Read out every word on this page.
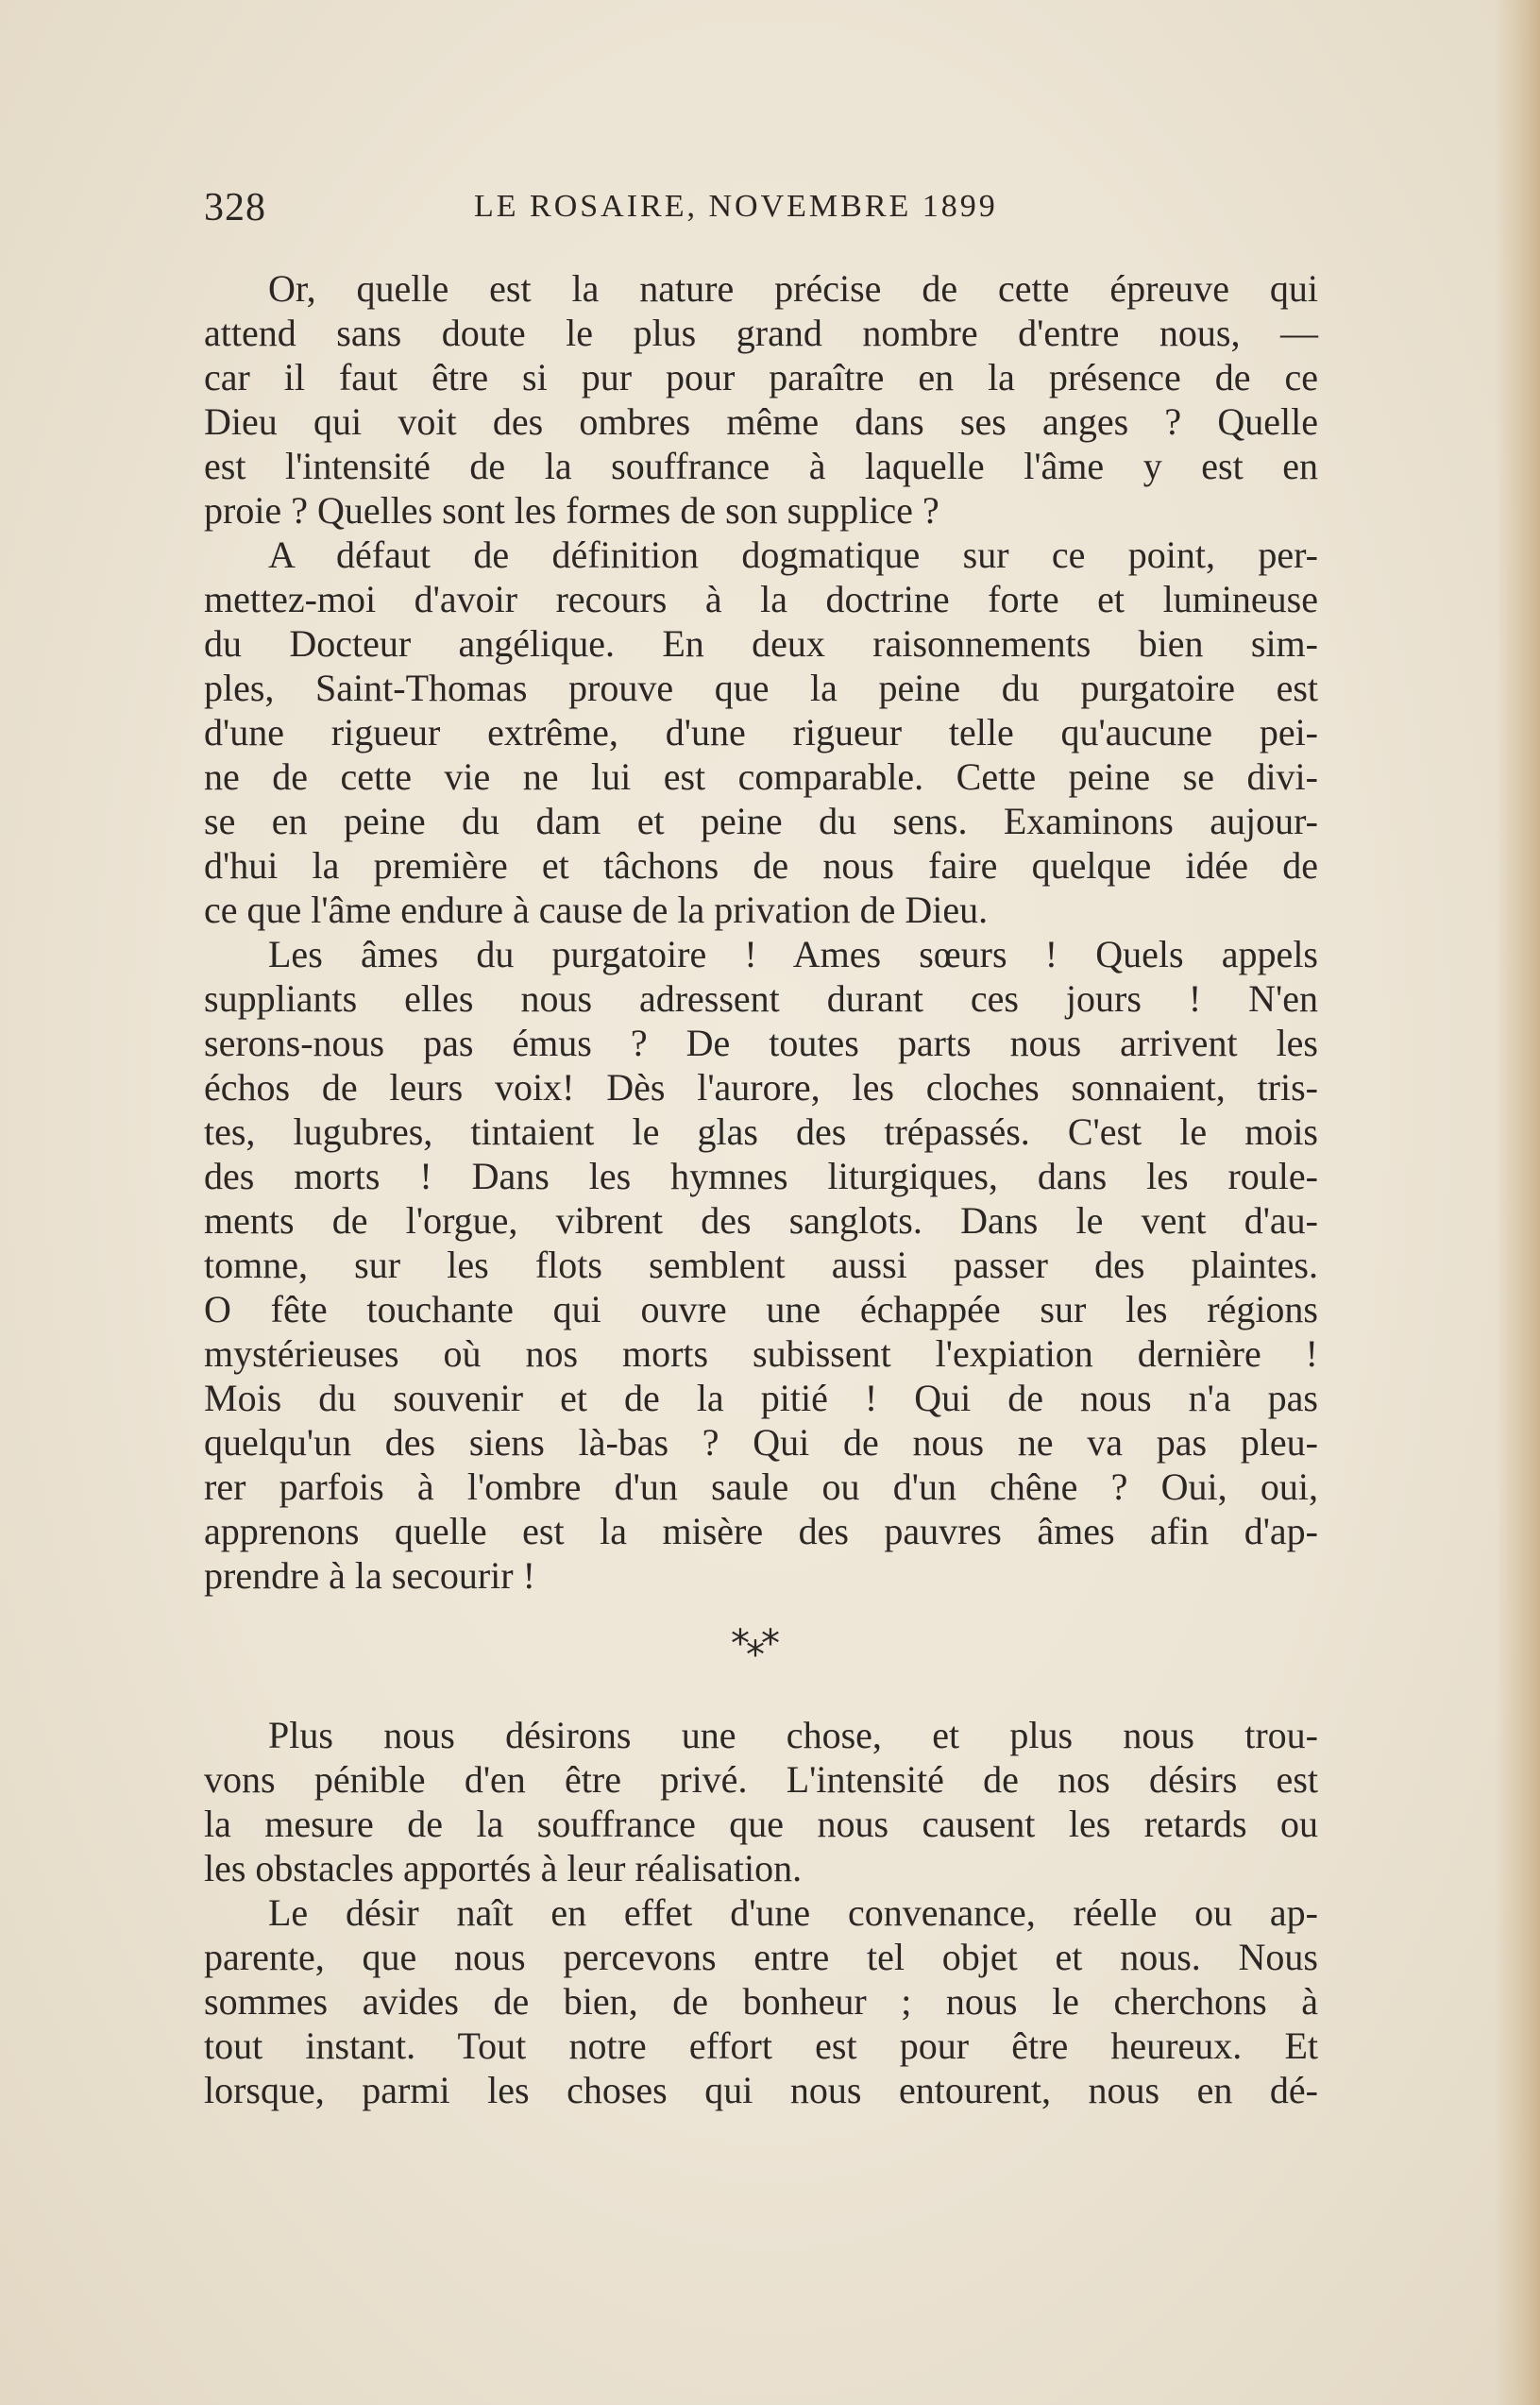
328	LE ROSAIRE, NOVEMBRE 1899
Or, quelle est la nature précise de cette épreuve qui
attend sans doute le plus grand nombre d'entre nous, —
car il faut être si pur pour paraître en la présence de ce
Dieu qui voit des ombres même dans ses anges ? Quelle
est l'intensité de la souffrance à laquelle l'âme y est en
proie ? Quelles sont les formes de son supplice ?
A défaut de définition dogmatique sur ce point, per-
mettez-moi d'avoir recours à la doctrine forte et lumineuse
du Docteur angélique. En deux raisonnements bien sim-
ples, Saint-Thomas prouve que la peine du purgatoire est
d'une rigueur extrême, d'une rigueur telle qu'aucune pei-
ne de cette vie ne lui est comparable. Cette peine se divi-
se en peine du dam et peine du sens. Examinons aujour-
d'hui la première et tâchons de nous faire quelque idée de
ce que l'âme endure à cause de la privation de Dieu.
Les âmes du purgatoire ! Ames sœurs ! Quels appels
suppliants elles nous adressent durant ces jours ! N'en
serons-nous pas émus ? De toutes parts nous arrivent les
échos de leurs voix! Dès l'aurore, les cloches sonnaient, tris-
tes, lugubres, tintaient le glas des trépassés. C'est le mois
des morts ! Dans les hymnes liturgiques, dans les roule-
ments de l'orgue, vibrent des sanglots. Dans le vent d'au-
tomne, sur les flots semblent aussi passer des plaintes.
O fête touchante qui ouvre une échappée sur les régions
mystérieuses où nos morts subissent l'expiation dernière !
Mois du souvenir et de la pitié ! Qui de nous n'a pas
quelqu'un des siens là-bas ? Qui de nous ne va pas pleu-
rer parfois à l'ombre d'un saule ou d'un chêne ? Oui, oui,
apprenons quelle est la misère des pauvres âmes afin d'ap-
prendre à la secourir !
***
Plus nous désirons une chose, et plus nous trou-
vons pénible d'en être privé. L'intensité de nos désirs est
la mesure de la souffrance que nous causent les retards ou
les obstacles apportés à leur réalisation.
Le désir naît en effet d'une convenance, réelle ou ap-
parente, que nous percevons entre tel objet et nous. Nous
sommes avides de bien, de bonheur ; nous le cherchons à
tout instant. Tout notre effort est pour être heureux. Et
lorsque, parmi les choses qui nous entourent, nous en dé-
